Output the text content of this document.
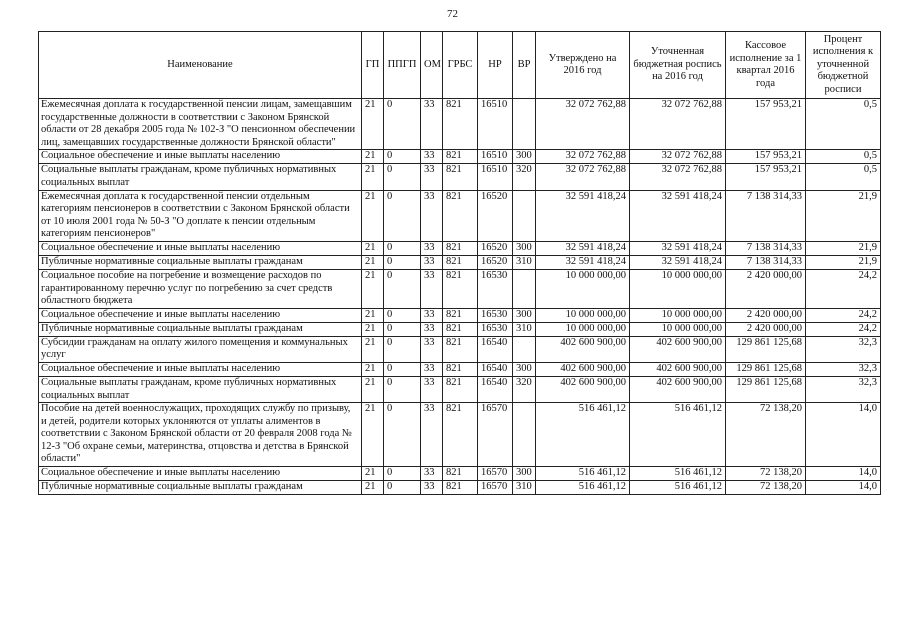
72
Наименование	ГП	ППГП	ОМ	ГРБС	НР	ВР	Утверждено на 2016 год	Уточненная бюджетная роспись на 2016 год	Кассовое исполнение за 1 квартал 2016 года	Процент исполнения к уточненной бюджетной росписи
Ежемесячная доплата к государственной пенсии лицам, замещавшим государственные должности в соответствии с Законом Брянской области от 28 декабря 2005 года № 102-З "О пенсионном обеспечении лиц, замещавших государственные должности Брянской области"	21	0	33	821	16510		32 072 762,88	32 072 762,88	157 953,21	0,5
Социальное обеспечение и иные выплаты населению	21	0	33	821	16510	300	32 072 762,88	32 072 762,88	157 953,21	0,5
Социальные выплаты гражданам, кроме публичных нормативных социальных выплат	21	0	33	821	16510	320	32 072 762,88	32 072 762,88	157 953,21	0,5
Ежемесячная доплата к государственной пенсии отдельным категориям пенсионеров в соответствии с Законом Брянской области от 10 июля 2001 года № 50-З "О доплате к пенсии отдельным категориям пенсионеров"	21	0	33	821	16520		32 591 418,24	32 591 418,24	7 138 314,33	21,9
Социальное обеспечение и иные выплаты населению	21	0	33	821	16520	300	32 591 418,24	32 591 418,24	7 138 314,33	21,9
Публичные нормативные социальные выплаты гражданам	21	0	33	821	16520	310	32 591 418,24	32 591 418,24	7 138 314,33	21,9
Социальное пособие на погребение и возмещение расходов по гарантированному перечню услуг по погребению за счет средств областного бюджета	21	0	33	821	16530		10 000 000,00	10 000 000,00	2 420 000,00	24,2
Социальное обеспечение и иные выплаты населению	21	0	33	821	16530	300	10 000 000,00	10 000 000,00	2 420 000,00	24,2
Публичные нормативные социальные выплаты гражданам	21	0	33	821	16530	310	10 000 000,00	10 000 000,00	2 420 000,00	24,2
Субсидии гражданам на оплату жилого помещения и коммунальных услуг	21	0	33	821	16540		402 600 900,00	402 600 900,00	129 861 125,68	32,3
Социальное обеспечение и иные выплаты населению	21	0	33	821	16540	300	402 600 900,00	402 600 900,00	129 861 125,68	32,3
Социальные выплаты гражданам, кроме публичных нормативных социальных выплат	21	0	33	821	16540	320	402 600 900,00	402 600 900,00	129 861 125,68	32,3
Пособие на детей военнослужащих, проходящих службу по призыву, и детей, родители которых уклоняются от уплаты алиментов в соответствии с Законом Брянской области от 20 февраля 2008 года № 12-З "Об охране семьи, материнства, отцовства и детства в Брянской области"	21	0	33	821	16570		516 461,12	516 461,12	72 138,20	14,0
Социальное обеспечение и иные выплаты населению	21	0	33	821	16570	300	516 461,12	516 461,12	72 138,20	14,0
Публичные нормативные социальные выплаты гражданам	21	0	33	821	16570	310	516 461,12	516 461,12	72 138,20	14,0
